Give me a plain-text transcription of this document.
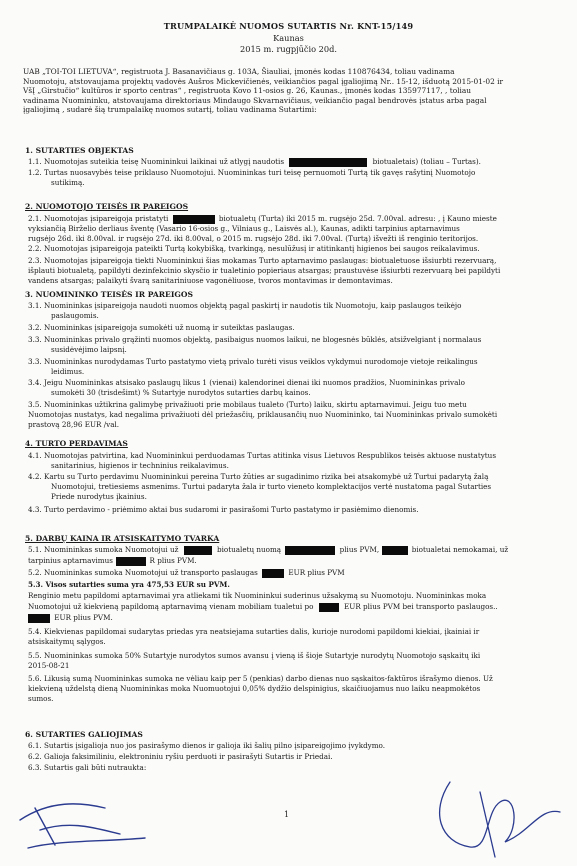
TRUMPALAIKĖ NUOMOS SUTARTIS Nr. KNT-15/149
Kaunas
2015 m. rugpjūčio 20d.
UAB „TOI-TOI LIETUVA“, registruota J. Basanavičiaus g. 103A, Šiauliai, įmonės kodas 110876434, toliau vadinama
Nuomotoju, atstovaujama projektų vadovės Aušros Mickevičienės, veikiančios pagal įgaliojimą Nr.. 15-12, išduotą 2015-01-02 ir
VšĮ „Girstučio“ kultūros ir sporto centras“ , registruota Kovo 11-osios g. 26, Kaunas., įmonės kodas 135977117, , toliau
vadinama Nuomininku, atstovaujama direktoriaus Mindaugo Skvarnavičiaus, veikiančio pagal bendrovės įstatus arba pagal
įgaliojimą , sudarė šią trumpalaikę nuomos sutartį, toliau vadinama Sutartimi:
1. SUTARTIES OBJEKTAS
1.1. Nuomotojas suteikia teisę Nuomininkui laikinai už atlygį naudotis	biotualetais) (toliau – Turtas).
1.2. Turtas nuosavybės teise priklauso Nuomotojui. Nuomininkas turi teisę pernuomoti Turtą tik gavęs rašytinį Nuomotojo
sutikimą.
2. NUOMOTOJO TEISĖS IR PAREIGOS
2.1. Nuomotojas įsipareigoja pristatyti	biotualetų (Turta) iki 2015 m. rugsėjo 25d. 7.00val. adresu: , į Kauno mieste
vyksiančią Birželio derliaus šventę (Vasario 16-osios g., Vilniaus g., Laisvės al.), Kaunas, adikti tarpinius aptarnavimus
rugsėjo 26d. iki 8.00val. ir rugsėjo 27d. iki 8.00val, o 2015 m. rugsėjo 28d. iki 7.00val. (Turtą) išvežti iš renginio teritorijos.
2.2. Nuomotojas įsipareigoja pateikti Turtą kokybišką, tvarkingą, nesulūžusį ir atitinkantį higienos bei saugos reikalavimus.
2.3. Nuomotojas įsipareigoja tiekti Nuomininkui šias mokamas Turto aptarnavimo paslaugas: biotualetuose išsiurbti rezervuarą,
išplauti biotualetą, papildyti dezinfekcinio skysčio ir tualetinio popieriaus atsargas; praustuvėse išsiurbti rezervuarą bei papildyti
vandens atsargas; palaikyti švarą sanitariniuose vagonėliuose, tvoros montavimas ir demontavimas.
3. NUOMININKO TEISĖS IR PAREIGOS
3.1. Nuomininkas įsipareigoja naudoti nuomos objektą pagal paskirtį ir naudotis tik Nuomotoju, kaip paslaugos teikėjo
paslaugomis.
3.2. Nuomininkas įsipareigoja sumokėti už nuomą ir suteiktas paslaugas.
3.3. Nuomininkas privalo grąžinti nuomos objektą, pasibaigus nuomos laikui, ne blogesnės būklės, atsižvelgiant į normalaus
susidėvėjimo laipsnį.
3.3. Nuomininkas nurodydamas Turto pastatymo vietą privalo turėti visus veiklos vykdymui nurodomoje vietoje reikalingus
leidimus.
3.4. Jeigu Nuomininkas atsisako paslaugų likus 1 (vienai) kalendorinei dienai iki nuomos pradžios, Nuomininkas privalo
sumokėti 30 (trisdešimt) % Sutartyje nurodytos sutarties darbų kainos.
3.5. Nuomininkas užtikrina galimybę privažiuoti prie mobilaus tualeto (Turto) laiku, skirtu aptarnavimui. Jeigu tuo metu
Nuomotojas nustatys, kad negalima privažiuoti dėl priežasčių, priklausančių nuo Nuomininko, tai Nuomininkas privalo sumokėti
prastovą 28,96 EUR /val.
4. TURTO PERDAVIMAS
4.1. Nuomotojas patvirtina, kad Nuomininkui perduodamas Turtas atitinka visus Lietuvos Respublikos teisės aktuose nustatytus
sanitarinius, higienos ir techninius reikalavimus.
4.2. Kartu su Turto perdavimu Nuomininkui pereina Turto žūties ar sugadinimo rizika bei atsakomybė už Turtui padarytą žalą
Nuomotojui, tretiesiems asmenims. Turtui padaryta žala ir turto vieneto komplektacijos vertė nustatoma pagal Sutarties
Priede nurodytus įkainius.
4.3. Turto perdavimo - priėmimo aktai bus sudaromi ir pasirašomi Turto pastatymo ir pasiėmimo dienomis.
5. DARBŲ KAINA IR ATSISKAITYMO TVARKA
5.1. Nuomininkas sumoka Nuomotojui už	biotualetų nuomą	plius PVM,	biotualetai nemokamai, už
tarpinius aptarnavimus	R plius PVM.
5.2. Nuomininkas sumoka Nuomotojui už transporto paslaugas	EUR plius PVM
5.3. Visos sutarties suma yra 475,53 EUR su PVM.
Renginio metu papildomi aptarnavimai yra atliekami tik Nuomininkui suderinus užsakymą su Nuomotoju. Nuomininkas moka
Nuomotojui už kiekvieną papildomą aptarnavimą vienam mobiliam tualetui po	EUR plius PVM bei transporto paslaugos..
EUR plius PVM.
5.4. Kiekvienas papildomai sudarytas priedas yra neatsiejama sutarties dalis, kurioje nurodomi papildomi kiekiai, įkainiai ir
atsiskaitymų sąlygos.
5.5. Nuomininkas sumoka 50% Sutartyje nurodytos sumos avansu į vieną iš šioje Sutartyje nurodytų Nuomotojo sąskaitų iki
2015-08-21
5.6. Likusią sumą Nuomininkas sumoka ne vėliau kaip per 5 (penkias) darbo dienas nuo sąskaitos-faktūros išrašymo dienos. Už
kiekvieną uždelstą dieną Nuomininkas moka Nuomuotojui 0,05% dydžio delspinigius, skaičiuojamus nuo laiku neapmokėtos
sumos.
6. SUTARTIES GALIOJIMAS
6.1. Sutartis įsigalioja nuo jos pasirašymo dienos ir galioja iki šalių pilno įsipareigojimo įvykdymo.
6.2. Galioja faksimiliniu, elektroniniu ryšiu perduoti ir pasirašyti Sutartis ir Priedai.
6.3. Sutartis gali būti nutraukta:
1
